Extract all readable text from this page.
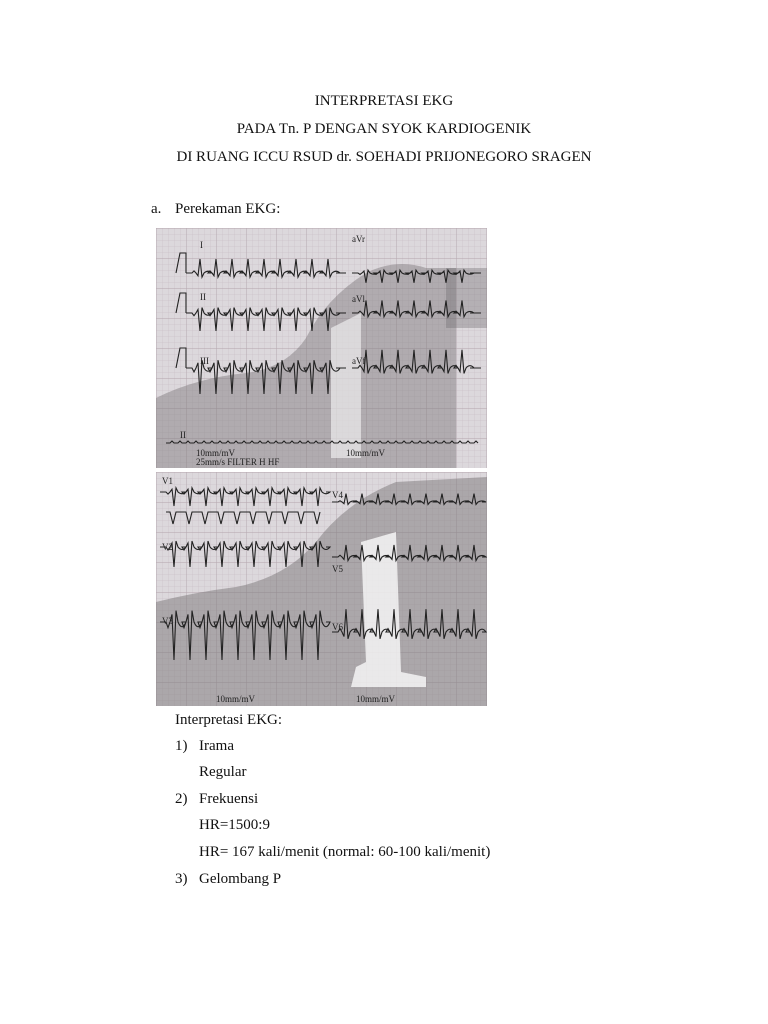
INTERPRETASI EKG
PADA Tn. P DENGAN SYOK KARDIOGENIK
DI RUANG ICCU RSUD dr. SOEHADI PRIJONEGORO SRAGEN
a. Perekaman EKG:
I
aVr
II	aVl
III	aVf
II
10mm/mV
25mm/s FILTER H HF
10mm/mV
V1
V4
V2
V5
V3
V6
10mm/mV	10mm/mV
Interpretasi EKG:
1) Irama
Regular
2) Frekuensi
HR=1500:9
HR= 167 kali/menit (normal: 60-100 kali/menit)
3) Gelombang P
